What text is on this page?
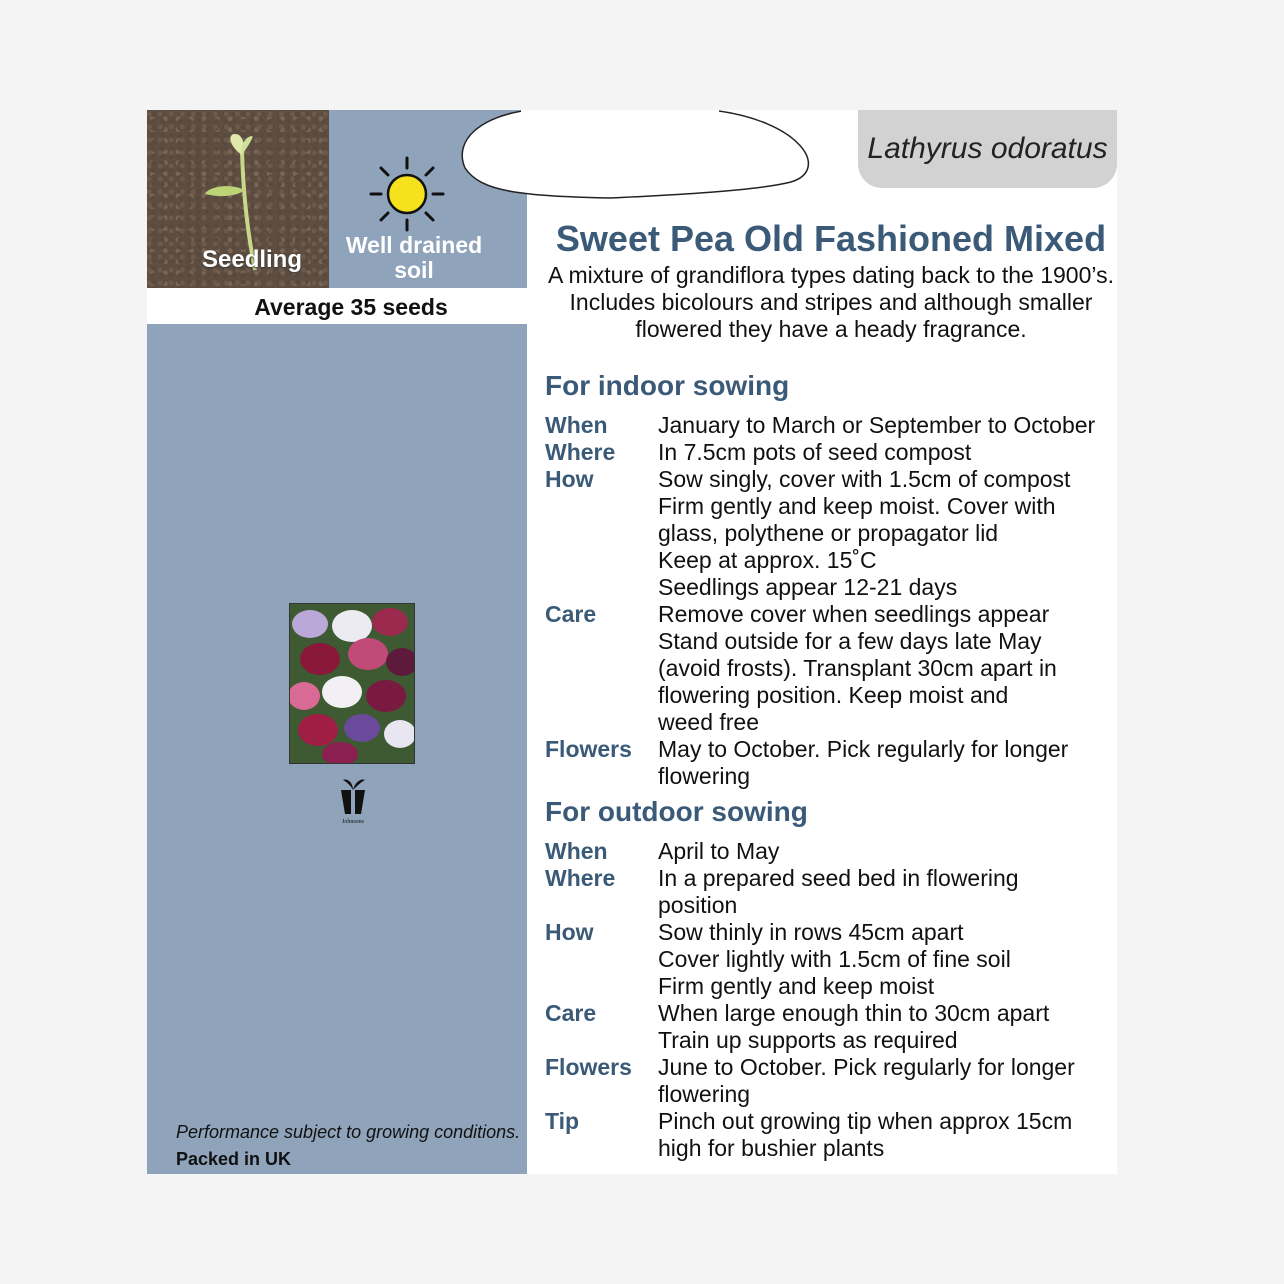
Seedling
Well drained soil
Average 35 seeds
Johnsons
Performance subject to growing conditions.
Packed in UK
Lathyrus odoratus
Sweet Pea Old Fashioned Mixed
A mixture of grandiflora types dating back to the 1900’s. Includes bicolours and stripes and although smaller flowered they have a heady fragrance.
For indoor sowing
When	January to March or September to October
Where	In 7.5cm pots of seed compost
How	Sow singly, cover with 1.5cm of compost
Firm gently and keep moist. Cover with
glass, polythene or propagator lid
Keep at approx. 15˚C
Seedlings appear 12-21 days
Care	Remove cover when seedlings appear
Stand outside for a few days late May
(avoid frosts). Transplant 30cm apart in
flowering position. Keep moist and
weed free
Flowers	May to October. Pick regularly for longer
flowering
For outdoor sowing
When	April to May
Where	In a prepared seed bed in flowering
position
How	Sow thinly in rows 45cm apart
Cover lightly with 1.5cm of fine soil
Firm gently and keep moist
Care	When large enough thin to 30cm apart
Train up supports as required
Flowers	June to October. Pick regularly for longer
flowering
Tip	Pinch out growing tip when approx 15cm
high for bushier plants
